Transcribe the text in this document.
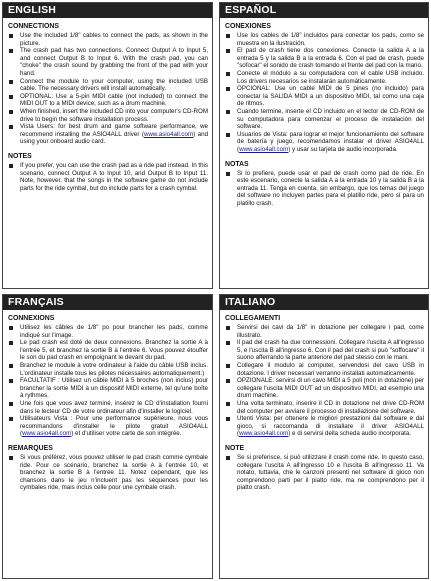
ENGLISH
CONNECTIONS
Use the included 1/8" cables to connect the pads, as shown in the picture.
The crash pad has two connections. Connect Output A to Input 5, and connect Output B to Input 6. With the crash pad, you can "choke" the crash sound by grabbing the front of the pad with your hand.
Connect the module to your computer, using the included USB cable. The necessary drivers will install automatically.
OPTIONAL: Use a 5-pin MIDI cable (not included) to connect the MIDI OUT to a MIDI device, such as a drum machine.
When finished, insert the included CD into your computer's CD-ROM drive to begin the software installation process.
Vista Users: for best drum and game software performance, we recommend installing the ASIO4ALL driver (www.asio4all.com) and using your onboard audio card.
NOTES
If you prefer, you can use the crash pad as a ride pad instead. In this scenario, connect Output A to Input 10, and Output B to Input 11. Note, however, that the songs in the software game do not include parts for the ride cymbal, but do include parts for a crash cymbal.
ESPAÑOL
CONEXIONES
Use los cables de 1/8" incluidos para conectar los pads, como se muestra en la ilustración.
El pad de crash tiene dos conexiones. Conecte la salida A a la entrada 5 y la salida B a la entrada 6. Con el pad de crash, puede "sofocar" el sonido de crash tomando el frente del pad con la mano.
Conecte el módulo a su computadora con el cable USB incluido. Los drivers necesarios se instalarán automáticamente.
OPCIONAL: Use un cable MIDI de 5 pines (no incluido) para conectar la SALIDA MIDI a un dispositivo MIDI, tal como una caja de ritmos.
Cuando termine, inserte el CD incluido en el lector de CD-ROM de su computadora para comenzar el proceso de instalación del software.
Usuarios de Vista: para lograr el mejor funcionamiento del software de batería y juego, recomendamos instalar el driver ASIO4ALL (www.asio4all.com) y usar su tarjeta de audio incorporada.
NOTAS
Si lo prefiere, puede usar el pad de crash como pad de ride. En este escenario, conecte la salida A a la entrada 10 y la salida B a la entrada 11. Tenga en cuenta, sin embargo, que los temas del juego del software no incluyen partes para el platillo ride, pero sí para un platillo crash.
FRANÇAIS
CONNEXIONS
Utilisez les câbles de 1/8" po pour brancher les pads, comme indiqué sur l'image.
Le pad crash est doté de deux connexions. Branchez la sortie A à l'entrée 5, et branchez la sortie B à l'entrée 6. Vous pouvez étouffer le son du pad crash en empoignant le devant du pad.
Branchez le module à votre ordinateur à l'aide du câble USB inclus. L'ordinateur installe tous les pilotes nécessaires automatiquement.)
FACULTATIF : Utilisez un câble MIDI à 5 broches (non inclus) pour brancher la sortie MIDI à un dispositif MIDI externe, tel qu'une boîte à rythmes.
Une fois que vous avez terminé, insérez le CD d'installation fourni dans le lecteur CD de votre ordinateur afin d'installer le logiciel.
Utilisateurs Vista : Pour une performance supérieure, nous vous recommandons d'installer le pilote gratuit ASIO4ALL (www.asio4all.com) et d'utiliser votre carte de son intégrée.
REMARQUES
Si vous préférez, vous pouvez utiliser le pad crash comme cymbale ride. Pour ce scénario, branchez la sortie A à l'entrée 10, et branchez la sortie B à l'entrée 11. Notez cependant, que les chansons dans le jeu n'incluent pas les séquences pour les cymbales ride, mais inclus celle pour une cymbale crash.
ITALIANO
COLLEGAMENTI
Servirsi dei cavi da 1/8" in dotazione per collegare i pad, come illustrato.
Il pad del crash ha due connessioni. Collegare l'uscita A all'ingresso 5, e l'uscita B all'ingresso 6. Con il pad del crash si può "soffocare" il suono afferrando la parte anteriore del pad stesso con le mani.
Collegare il modulo al computer, servendosi del cavo USB in dotazione. I driver necessari verranno installati automaticamente.
OPZIONALE: servirsi di un cavo MIDI a 5 poli (non in dotazione) per collegare l'uscita MIDI OUT ad un dispositivo MIDI, ad esempio una drum machine.
Una volta terminato, inserire il CD in dotazione nel drive CD-ROM del computer per avviare il processo di installazione del software.
Utenti Vista: per ottenere le migliori prestazioni dal software e dal gioco, si raccomanda di installare il driver ASIO4ALL (www.asio4all.com) e di servirsi della scheda audio incorporata.
NOTE
Se si preferisce, si può utilizzare il crash come ride. In questo caso, collegare l'uscita A all'ingresso 10 e l'uscita B all'ingresso 11. Va notato, tuttavia, che le canzoni presenti nel software di gioco non comprendono parti per il piatto ride, ma ne comprendono per il piatto crash.
